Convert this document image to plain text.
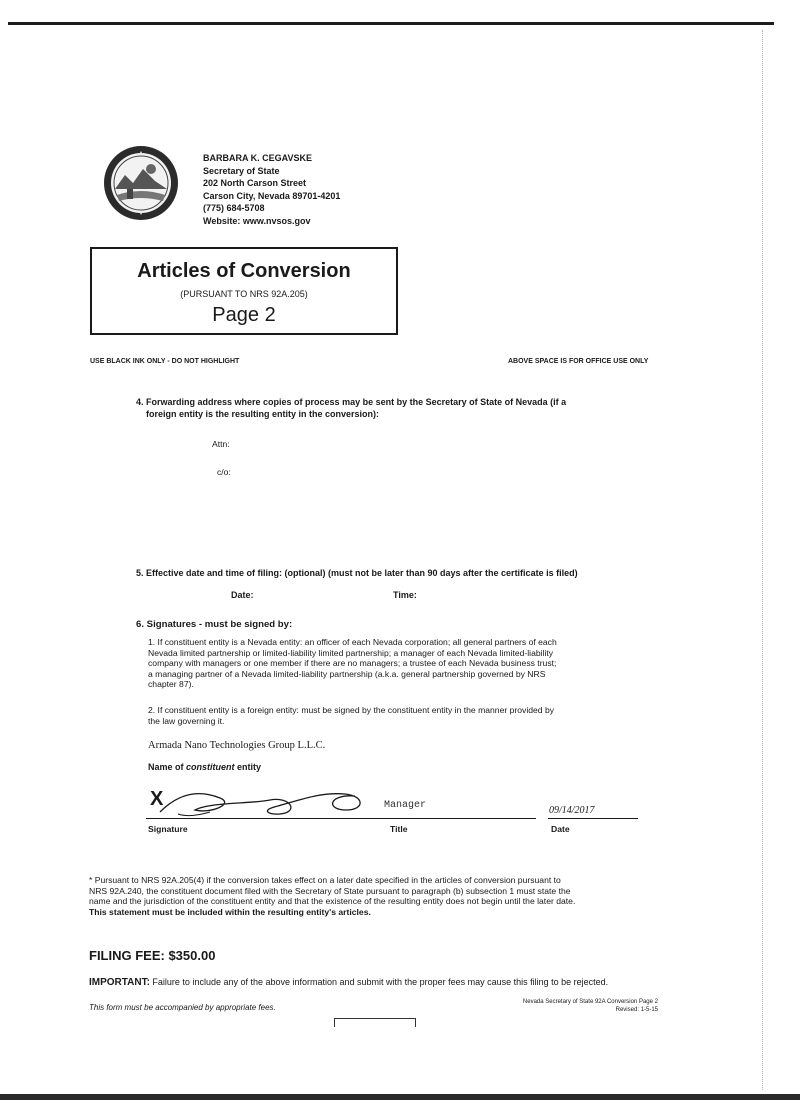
BARBARA K. CEGAVSKE
Secretary of State
202 North Carson Street
Carson City, Nevada 89701-4201
(775) 684-5708
Website: www.nvsos.gov
Articles of Conversion
(PURSUANT TO NRS 92A.205)
Page 2
USE BLACK INK ONLY - DO NOT HIGHLIGHT	ABOVE SPACE IS FOR OFFICE USE ONLY
4. Forwarding address where copies of process may be sent by the Secretary of State of Nevada (if a
foreign entity is the resulting entity in the conversion):
Attn:
c/o:
5. Effective date and time of filing: (optional) (must not be later than 90 days after the certificate is filed)
Date:	Time:
6. Signatures - must be signed by:
1. If constituent entity is a Nevada entity: an officer of each Nevada corporation; all general partners of each
Nevada limited partnership or limited-liability limited partnership; a manager of each Nevada limited-liability
company with managers or one member if there are no managers; a trustee of each Nevada business trust;
a managing partner of a Nevada limited-liability partnership (a.k.a. general partnership governed by NRS
chapter 87).
2. If constituent entity is a foreign entity: must be signed by the constituent entity in the manner provided by
the law governing it.
Armada Nano Technologies Group L.L.C.
Name of constituent entity
X	Manager	09/14/2017
Signature	Title	Date
* Pursuant to NRS 92A.205(4) if the conversion takes effect on a later date specified in the articles of conversion pursuant to
NRS 92A.240, the constituent document filed with the Secretary of State pursuant to paragraph (b) subsection 1 must state the
name and the jurisdiction of the constituent entity and that the existence of the resulting entity does not begin until the later date.
This statement must be included within the resulting entity's articles.
FILING FEE: $350.00
IMPORTANT: Failure to include any of the above information and submit with the proper fees may cause this filing to be rejected.
This form must be accompanied by appropriate fees.
Nevada Secretary of State 92A Conversion Page 2
Revised: 1-5-15
